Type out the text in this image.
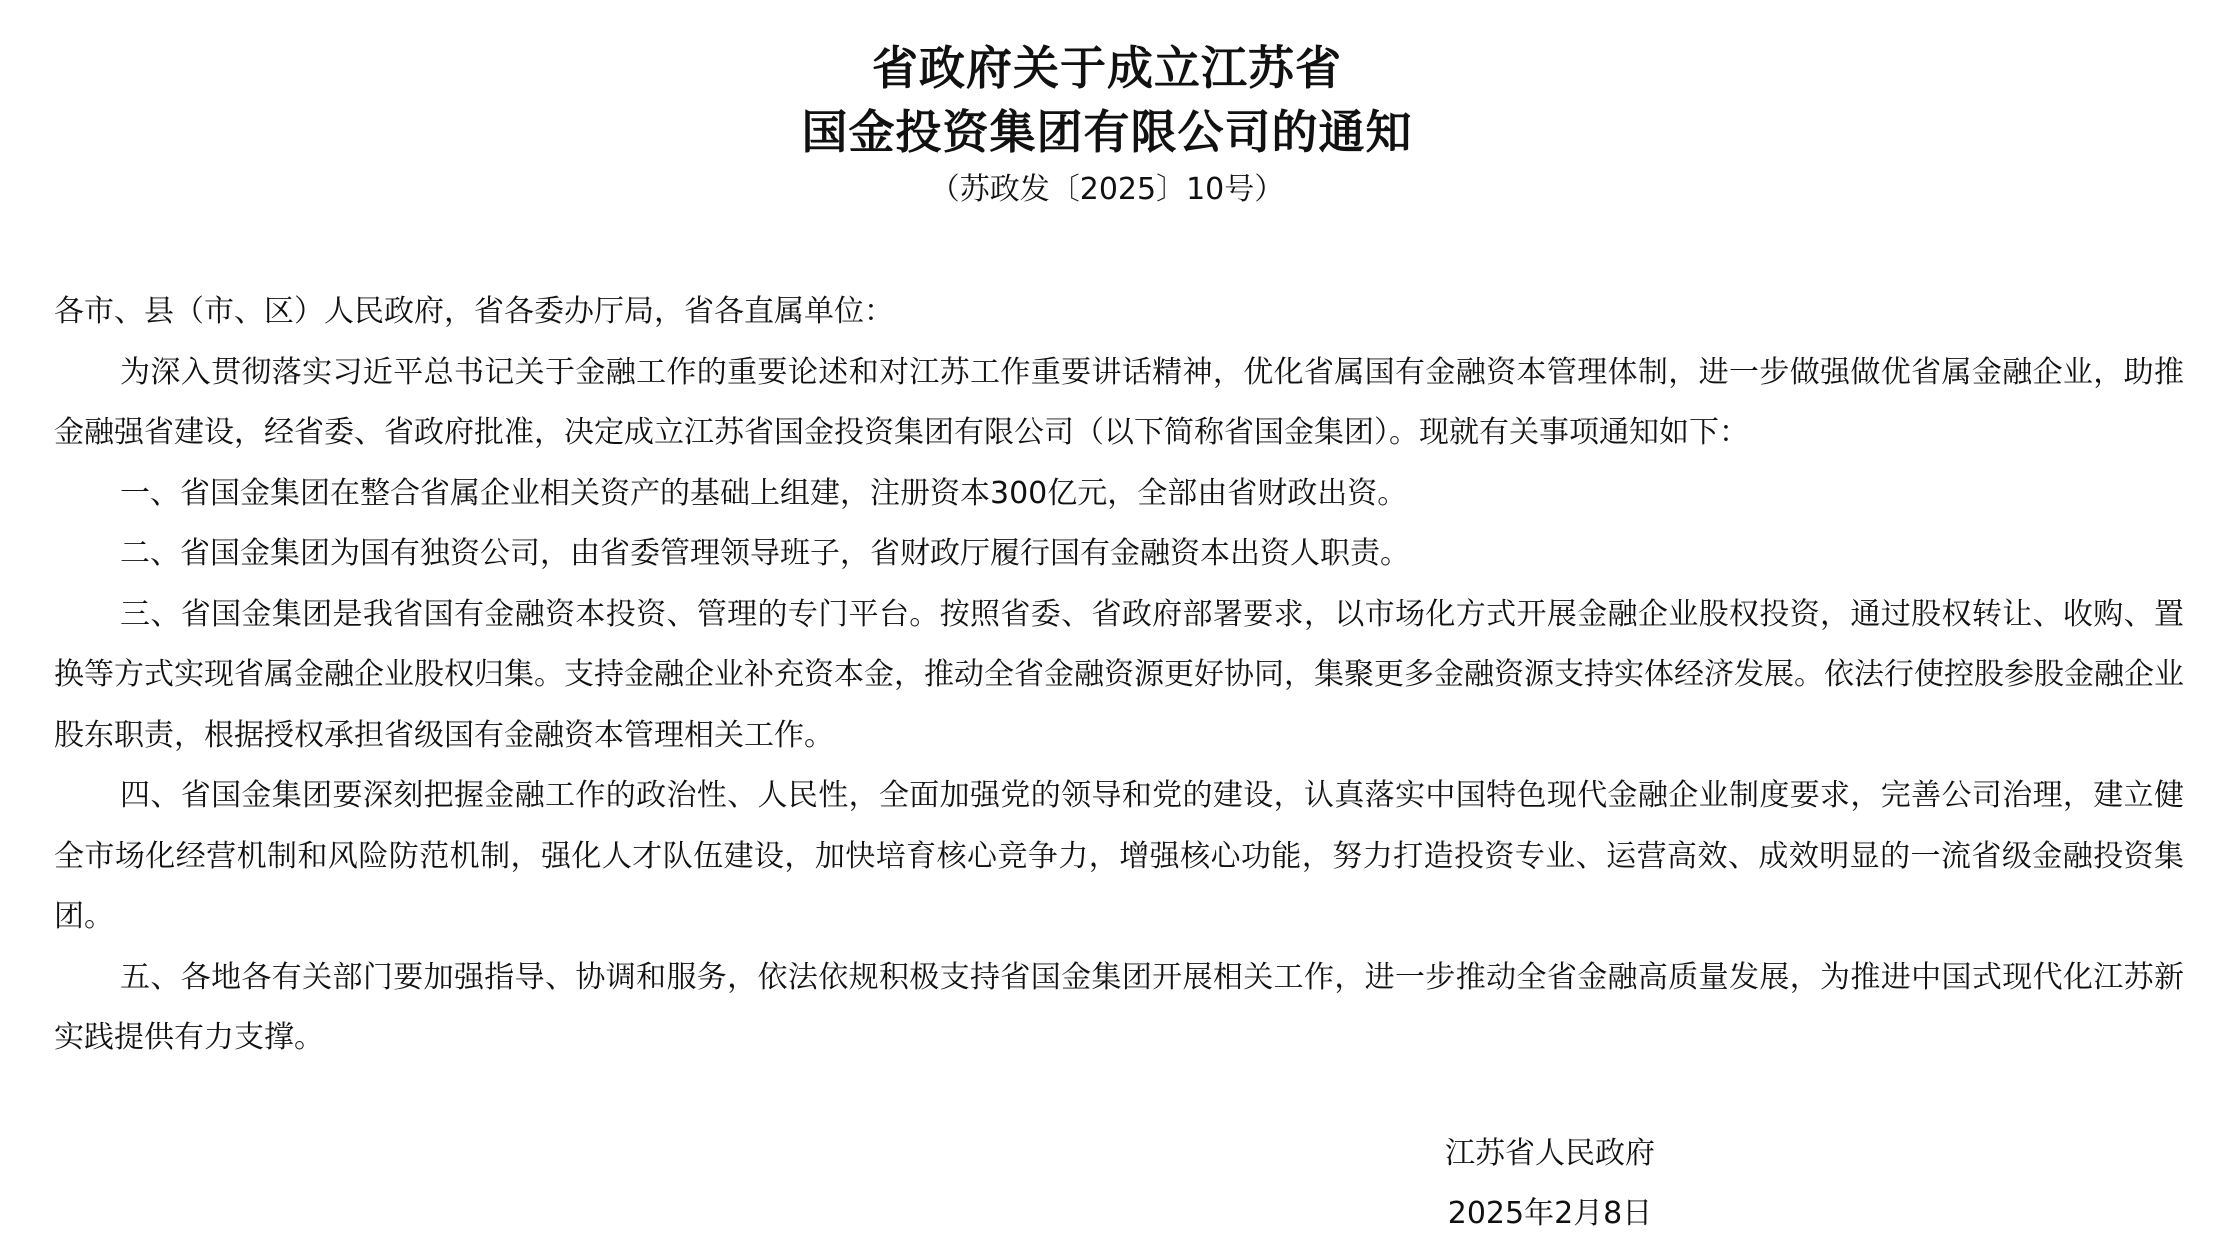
省政府关于成立江苏省
国金投资集团有限公司的通知
（苏政发〔2025〕10号）

各市、县（市、区）人民政府，省各委办厅局，省各直属单位：

为深入贯彻落实习近平总书记关于金融工作的重要论述和对江苏工作重要讲话精神，优化省属国有金融资本管理体制，进一步做强做优省属金融企业，助推金融强省建设，经省委、省政府批准，决定成立江苏省国金投资集团有限公司（以下简称省国金集团）。现就有关事项通知如下：

一、省国金集团在整合省属企业相关资产的基础上组建，注册资本300亿元，全部由省财政出资。

二、省国金集团为国有独资公司，由省委管理领导班子，省财政厅履行国有金融资本出资人职责。

三、省国金集团是我省国有金融资本投资、管理的专门平台。按照省委、省政府部署要求，以市场化方式开展金融企业股权投资，通过股权转让、收购、置换等方式实现省属金融企业股权归集。支持金融企业补充资本金，推动全省金融资源更好协同，集聚更多金融资源支持实体经济发展。依法行使控股参股金融企业股东职责，根据授权承担省级国有金融资本管理相关工作。

四、省国金集团要深刻把握金融工作的政治性、人民性，全面加强党的领导和党的建设，认真落实中国特色现代金融企业制度要求，完善公司治理，建立健全市场化经营机制和风险防范机制，强化人才队伍建设，加快培育核心竞争力，增强核心功能，努力打造投资专业、运营高效、成效明显的一流省级金融投资集团。

五、各地各有关部门要加强指导、协调和服务，依法依规积极支持省国金集团开展相关工作，进一步推动全省金融高质量发展，为推进中国式现代化江苏新实践提供有力支撑。

江苏省人民政府
2025年2月8日
